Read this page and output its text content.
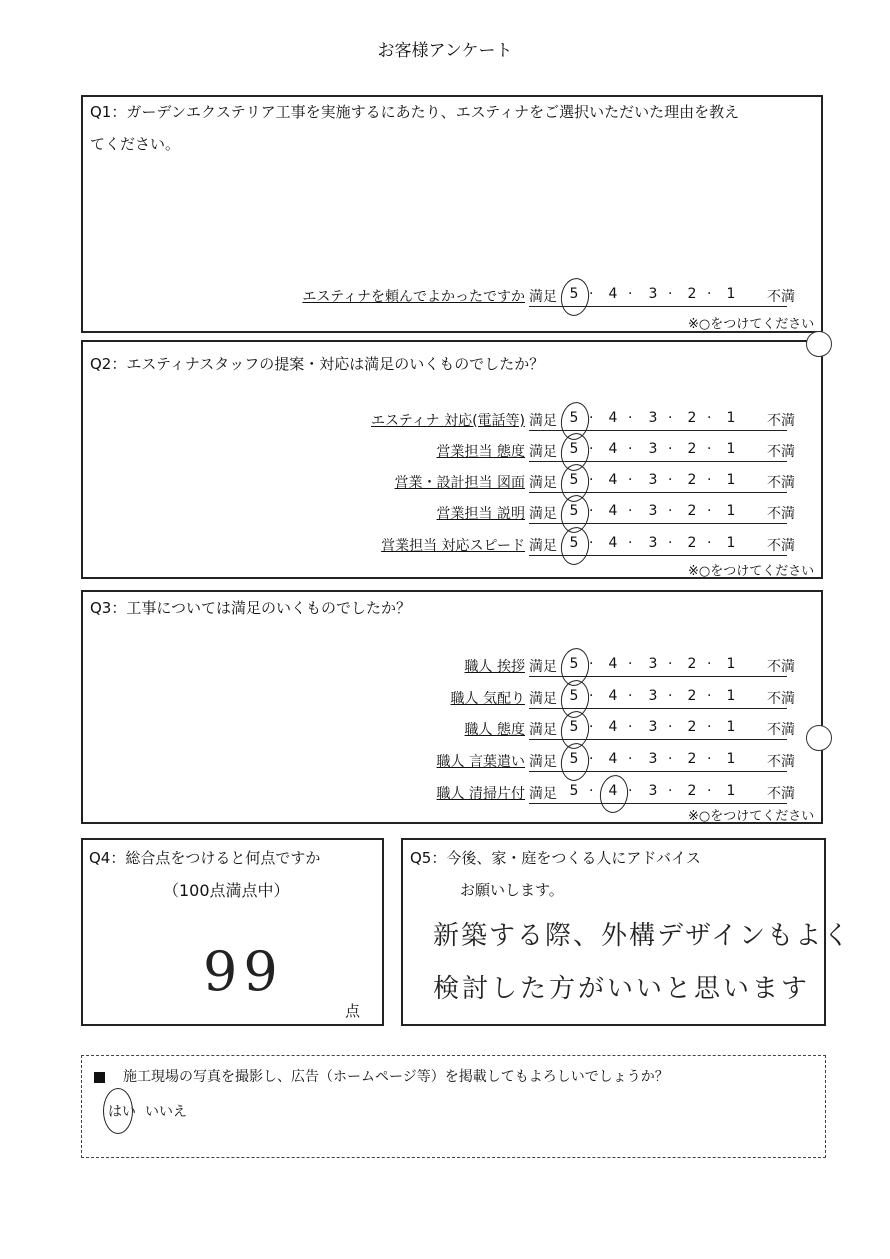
お客様アンケート
Q1：ガーデンエクステリア工事を実施するにあたり、エスティナをご選択いただいた理由を教え
てください。
エスティナを頼んでよかったですか 満足 5 · 4 · 3 · 2 · 1 不満
※○をつけてください
Q2：エスティナスタッフの提案・対応は満足のいくものでしたか？
エスティナ 対応(電話等) 満足 5 · 4 · 3 · 2 · 1 不満
営業担当 態度 満足 5 · 4 · 3 · 2 · 1 不満
営業・設計担当 図面 満足 5 · 4 · 3 · 2 · 1 不満
営業担当 説明 満足 5 · 4 · 3 · 2 · 1 不満
営業担当 対応スピード 満足 5 · 4 · 3 · 2 · 1 不満
※○をつけてください
Q3：工事については満足のいくものでしたか？
職人 挨拶 満足 5 · 4 · 3 · 2 · 1 不満
職人 気配り 満足 5 · 4 · 3 · 2 · 1 不満
職人 態度 満足 5 · 4 · 3 · 2 · 1 不満
職人 言葉遣い 満足 5 · 4 · 3 · 2 · 1 不満
職人 清掃片付 満足 5 · 4 · 3 · 2 · 1 不満
※○をつけてください
Q4：総合点をつけると何点ですか
（100点満点中）
99
点
Q5：今後、家・庭をつくる人にアドバイス
お願いします。
新築する際、外構デザインもよく
検討した方がいいと思います
施工現場の写真を撮影し、広告（ホームページ等）を掲載してもよろしいでしょうか？
はい いいえ
